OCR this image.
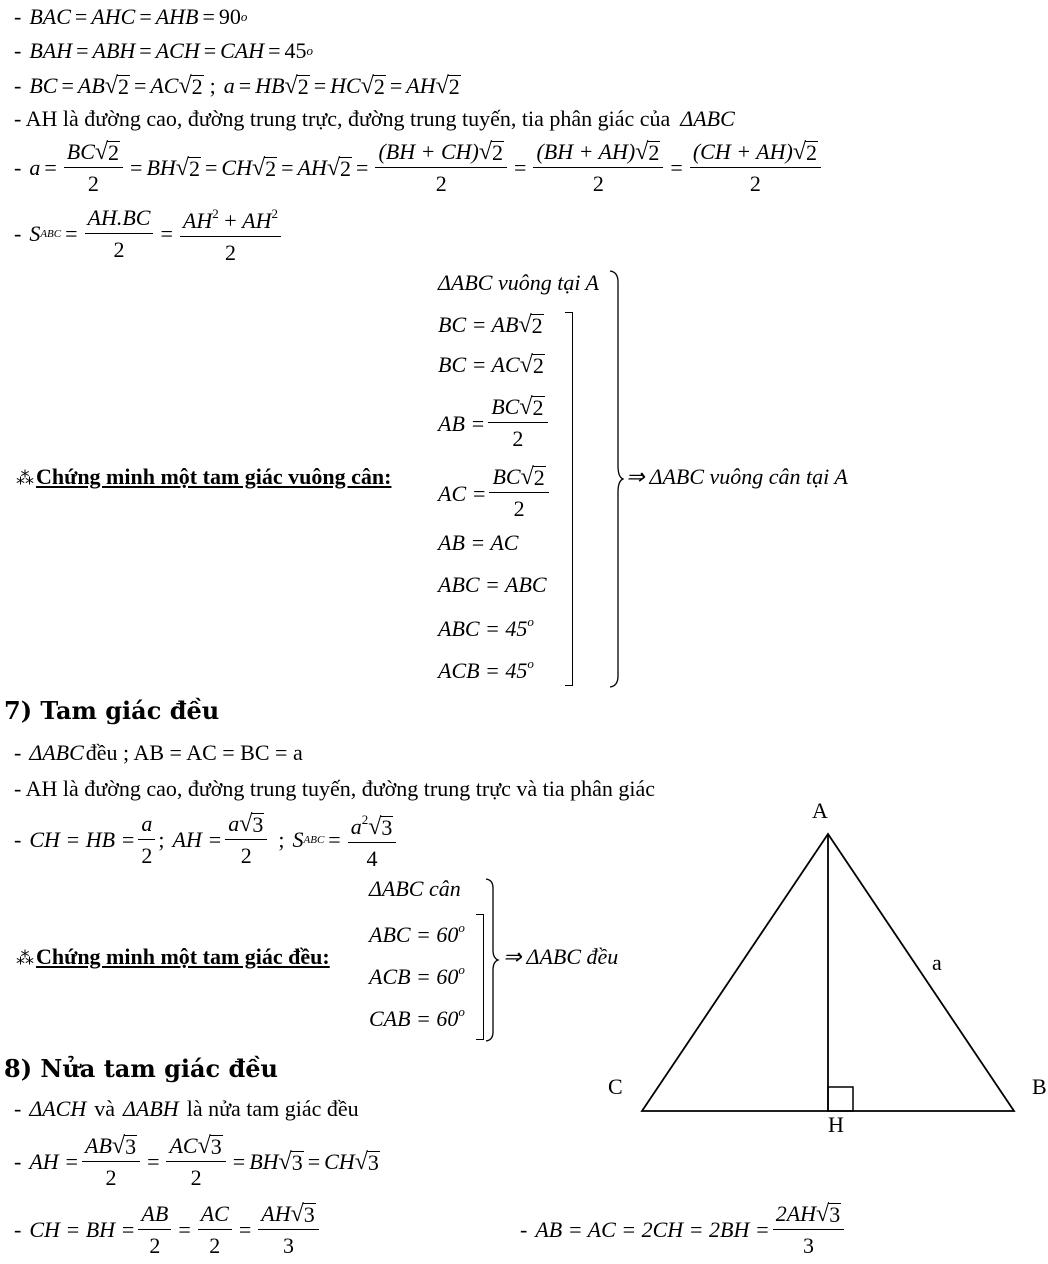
- BAC = AHC = AHB = 90 o
- BAH = ABH = ACH = CAH = 45 o
- BC = AB √ 2 = AC √ 2 ; a = HB √ 2 = HC √ 2 = AH √ 2
- AH là đường cao, đường trung trực, đường trung tuyến, tia phân giác của ΔABC
- $a = \frac{BC √ 2}{2}$ = BH √ 2 = CH √ 2 = AH √ $2 = \frac{(BH + CH) √ 2}{2} = \frac{(BH + AH) √ 2}{2} = \frac{(CH + AH) √ 2}{2}$
- S ABC = $\frac{AH.BC}{2} = \frac{AH^2 + AH^2}{2}$
⁂Chứng minh một tam giác vuông cân:
ΔABC vuông tại A
BC = AB √ 2
BC = AC √ 2
AB = $\frac{BC √ 2}{2}$
AC = $\frac{BC √ 2}{2}$
AB = AC
ABC = ABC
ABC = $45^o$
ACB = $45^o$
⇒ ΔABC vuông cân tại A
7) Tam giác đều
- ΔABC đều ; AB = AC = BC = a
- AH là đường cao, đường trung tuyến, đường trung trực và tia phân giác
- CH = HB = $\frac{a}{2}$ ; AH = $\frac{a √ 3}{2}$ ; S ABC = $\frac{a^2 √ 3}{4}$
⁂Chứng minh một tam giác đều:
ΔABC cân
ABC = $60^o$
ACB = $60^o$
CAB = $60^o$
⇒ ΔABC đều
8) Nửa tam giác đều
- ΔACH và ΔABH là nửa tam giác đều
- AH = $\frac{AB √ 3}{2} = \frac{AC √ 3}{2}$ = BH √ 3 = CH √ 3
- CH = BH = $\frac{AB}{2} = \frac{AC}{2} = \frac{AH √ 3}{3}$	- AB = AC = $2CH = 2BH = \frac{2AH √ 3}{3}$
A
C	B
H
a
